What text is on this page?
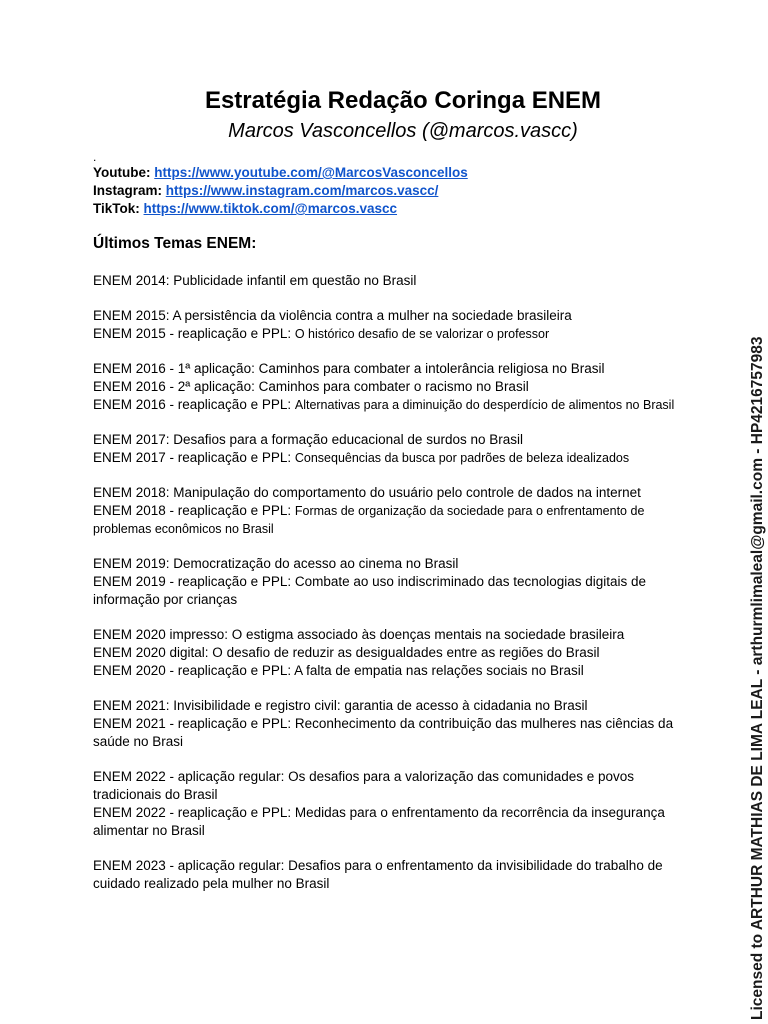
Estratégia Redação Coringa ENEM

Marcos Vasconcellos (@marcos.vascc)

.
Youtube: https://www.youtube.com/@MarcosVasconcellos
Instagram: https://www.instagram.com/marcos.vascc/
TikTok: https://www.tiktok.com/@marcos.vascc
Últimos Temas ENEM:

ENEM 2014: Publicidade infantil em questão no Brasil

ENEM 2015: A persistência da violência contra a mulher na sociedade brasileira

ENEM 2015 - reaplicação e PPL: O histórico desafio de se valorizar o professor

ENEM 2016 - 1ª aplicação: Caminhos para combater a intolerância religiosa no Brasil

ENEM 2016 - 2ª aplicação: Caminhos para combater o racismo no Brasil

ENEM 2016 - reaplicação e PPL: Alternativas para a diminuição do desperdício de alimentos no Brasil

ENEM 2017: Desafios para a formação educacional de surdos no Brasil

ENEM 2017 - reaplicação e PPL: Consequências da busca por padrões de beleza idealizados

ENEM 2018: Manipulação do comportamento do usuário pelo controle de dados na internet

ENEM 2018 - reaplicação e PPL: Formas de organização da sociedade para o enfrentamento de problemas econômicos no Brasil

ENEM 2019: Democratização do acesso ao cinema no Brasil

ENEM 2019 - reaplicação e PPL: Combate ao uso indiscriminado das tecnologias digitais de informação por crianças

ENEM 2020 impresso: O estigma associado às doenças mentais na sociedade brasileira

ENEM 2020 digital: O desafio de reduzir as desigualdades entre as regiões do Brasil

ENEM 2020 - reaplicação e PPL: A falta de empatia nas relações sociais no Brasil

ENEM 2021: Invisibilidade e registro civil: garantia de acesso à cidadania no Brasil

ENEM 2021 - reaplicação e PPL: Reconhecimento da contribuição das mulheres nas ciências da saúde no Brasi

ENEM 2022 - aplicação regular: Os desafios para a valorização das comunidades e povos tradicionais do Brasil

ENEM 2022 - reaplicação e PPL: Medidas para o enfrentamento da recorrência da insegurança alimentar no Brasil

ENEM 2023 - aplicação regular: Desafios para o enfrentamento da invisibilidade do trabalho de cuidado realizado pela mulher no Brasil	Licensed to ARTHUR MATHIAS DE LIMA LEAL - arthurmlimaleal@gmail.com - HP4216757983
